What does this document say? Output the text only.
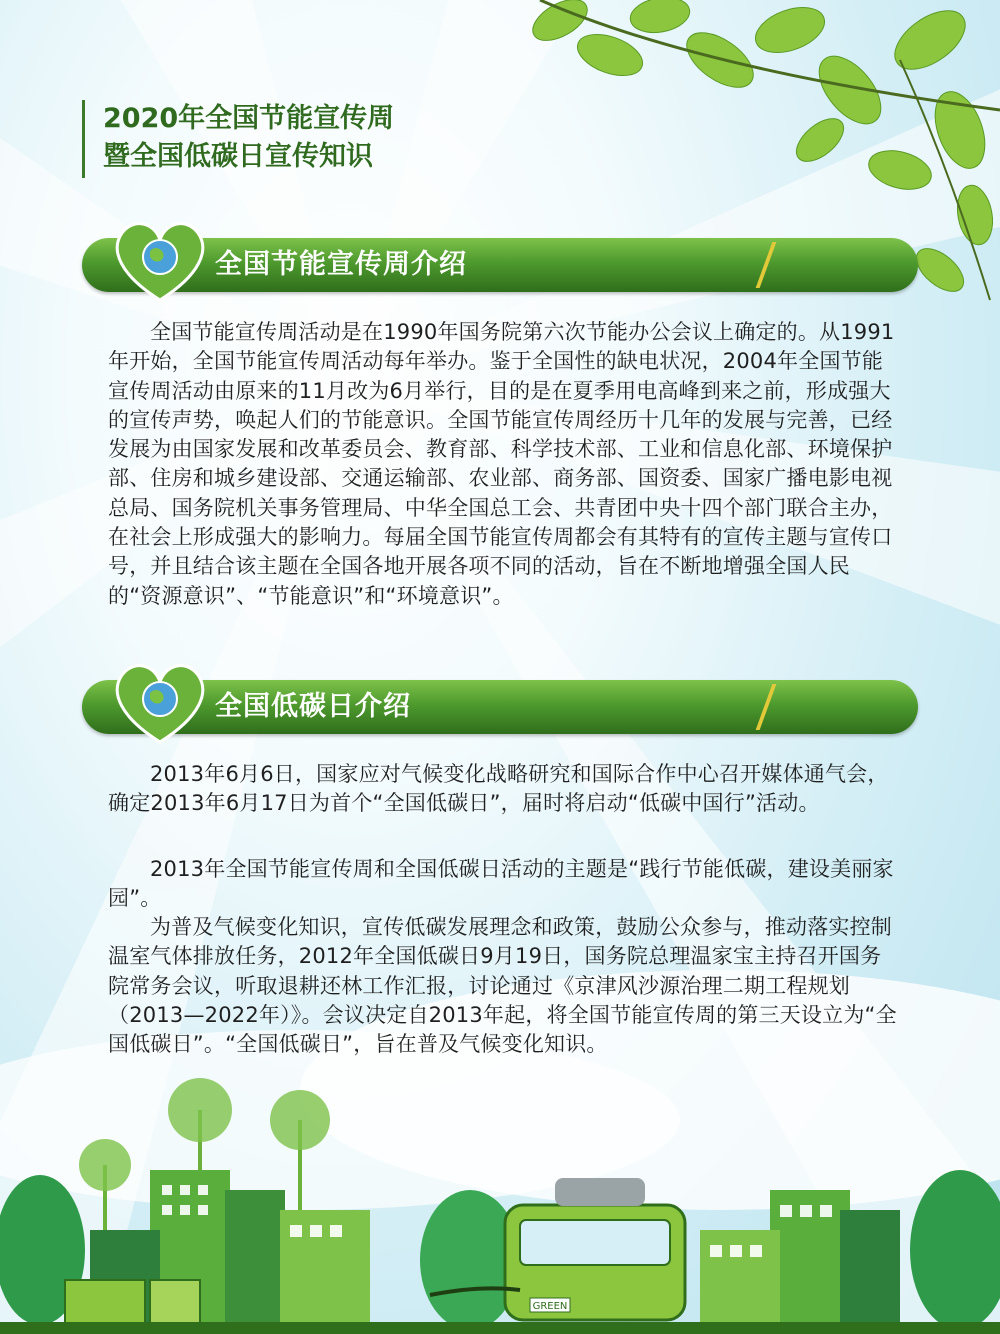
2020年全国节能宣传周

暨全国低碳日宣传知识

全国节能宣传周介绍

全国节能宣传周活动是在1990年国务院第六次节能办公会议上确定的。从1991年开始，全国节能宣传周活动每年举办。鉴于全国性的缺电状况，2004年全国节能宣传周活动由原来的11月改为6月举行，目的是在夏季用电高峰到来之前，形成强大的宣传声势，唤起人们的节能意识。全国节能宣传周经历十几年的发展与完善，已经发展为由国家发展和改革委员会、教育部、科学技术部、工业和信息化部、环境保护部、住房和城乡建设部、交通运输部、农业部、商务部、国资委、国家广播电影电视总局、国务院机关事务管理局、中华全国总工会、共青团中央十四个部门联合主办，在社会上形成强大的影响力。每届全国节能宣传周都会有其特有的宣传主题与宣传口号，并且结合该主题在全国各地开展各项不同的活动，旨在不断地增强全国人民的“资源意识”、“节能意识”和“环境意识”。

全国低碳日介绍

2013年6月6日，国家应对气候变化战略研究和国际合作中心召开媒体通气会，确定2013年6月17日为首个“全国低碳日”，届时将启动“低碳中国行”活动。

2013年全国节能宣传周和全国低碳日活动的主题是“践行节能低碳，建设美丽家园”。

为普及气候变化知识，宣传低碳发展理念和政策，鼓励公众参与，推动落实控制温室气体排放任务，2012年全国低碳日9月19日，国务院总理温家宝主持召开国务院常务会议，听取退耕还林工作汇报，讨论通过《京津风沙源治理二期工程规划（2013—2022年）》。会议决定自2013年起，将全国节能宣传周的第三天设立为“全国低碳日”。“全国低碳日”，旨在普及气候变化知识。

GREEN
